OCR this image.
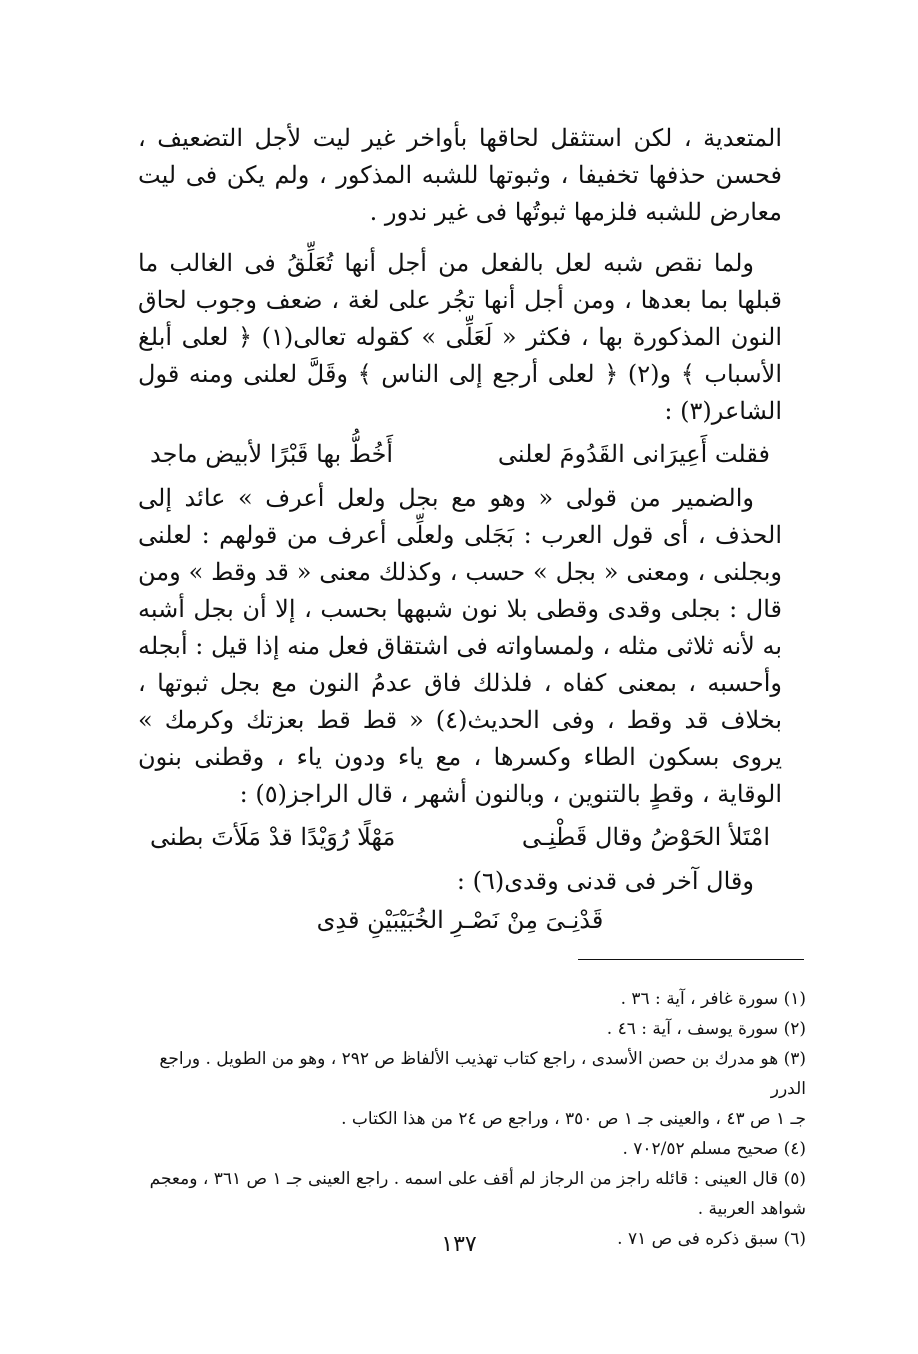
المتعدية ، لكن استثقل لحاقها بأواخر غير ليت لأجل التضعيف ، فحسن حذفها تخفيفا ، وثبوتها للشبه المذكور ، ولم يكن فى ليت معارض للشبه فلزمها ثبوتُها فى غير ندور .

ولما نقص شبه لعل بالفعل من أجل أنها تُعَلِّقُ فى الغالب ما قبلها بما بعدها ، ومن أجل أنها تجُر على لغة ، ضعف وجوب لحاق النون المذكورة بها ، فكثر « لَعَلِّى » كقوله تعالى(١) ﴿ لعلى أبلغ الأسباب ﴾ و(٢) ﴿ لعلى أرجع إلى الناس ﴾ وقَلَّ لعلنى ومنه قول الشاعر(٣) :

فقلت أَعِيرَانى القَدُومَ لعلنى
أَخُطُّ بها قَبْرًا لأبيض ماجد

والضمير من قولى « وهو مع بجل ولعل أعرف » عائد إلى الحذف ، أى قول العرب : بَجَلى ولعلِّى أعرف من قولهم : لعلنى وبجلنى ، ومعنى « بجل » حسب ، وكذلك معنى « قد وقط » ومن قال : بجلى وقدى وقطى بلا نون شبهها بحسب ، إلا أن بجل أشبه به لأنه ثلاثى مثله ، ولمساواته فى اشتقاق فعل منه إذا قيل : أبجله وأحسبه ، بمعنى كفاه ، فلذلك فاق عدمُ النون مع بجل ثبوتها ، بخلاف قد وقط ، وفى الحديث(٤) « قط قط بعزتك وكرمك » يروى بسكون الطاء وكسرها ، مع ياء ودون ياء ، وقطنى بنون الوقاية ، وقطٍ بالتنوين ، وبالنون أشهر ، قال الراجز(٥) :

امْتَلأ الحَوْضُ وقال قَطْنِـى
مَهْلًا رُوَيْدًا قدْ مَلَأتَ بطنى

وقال آخر فى قدنى وقدى(٦) :

قَدْنِـىَ مِنْ نَصْـرِ الخُبَيْبَيْنِ قدِى

(١) سورة غافر ، آية : ٣٦ .

(٢) سورة يوسف ، آية : ٤٦ .

(٣) هو مدرك بن حصن الأسدى ، راجع كتاب تهذيب الألفاظ ص ٢٩٢ ، وهو من الطويل . وراجع الدرر

جـ ١ ص ٤٣ ، والعينى جـ ١ ص ٣٥٠ ، وراجع ص ٢٤ من هذا الكتاب .

(٤) صحيح مسلم ٧٠٢/٥٢ .

(٥) قال العينى : قائله راجز من الرجاز لم أقف على اسمه . راجع العينى جـ ١ ص ٣٦١ ، ومعجم شواهد العربية .

(٦) سبق ذكره فى ص ٧١ .

١٣٧
